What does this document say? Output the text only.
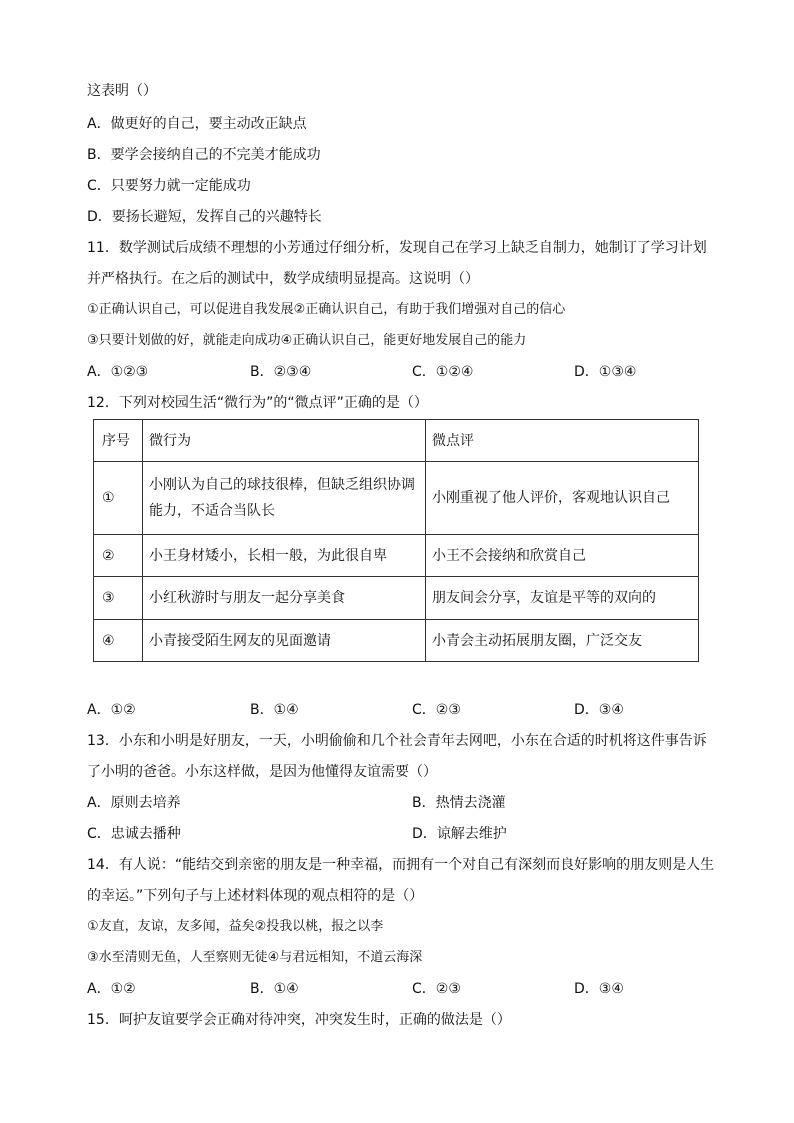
这表明（）
A．做更好的自己，要主动改正缺点
B．要学会接纳自己的不完美才能成功
C．只要努力就一定能成功
D．要扬长避短，发挥自己的兴趣特长
11．数学测试后成绩不理想的小芳通过仔细分析，发现自己在学习上缺乏自制力，她制订了学习计划
并严格执行。在之后的测试中，数学成绩明显提高。这说明（）
①正确认识自己，可以促进自我发展②正确认识自己，有助于我们增强对自己的信心
③只要计划做的好，就能走向成功④正确认识自己，能更好地发展自己的能力
A．①②③	B．②③④	C．①②④	D．①③④
12．下列对校园生活“微行为”的“微点评”正确的是（）
序号	微行为	微点评
①	小刚认为自己的球技很棒，但缺乏组织协调
能力，不适合当队长	小刚重视了他人评价，客观地认识自己
②	小王身材矮小，长相一般，为此很自卑	小王不会接纳和欣赏自己
③	小红秋游时与朋友一起分享美食	朋友间会分享，友谊是平等的双向的
④	小青接受陌生网友的见面邀请	小青会主动拓展朋友圈，广泛交友
A．①②	B．①④	C．②③	D．③④
13．小东和小明是好朋友，一天，小明偷偷和几个社会青年去网吧，小东在合适的时机将这件事告诉
了小明的爸爸。小东这样做，是因为他懂得友谊需要（）
A．原则去培养	B．热情去浇灌
C．忠诚去播种	D．谅解去维护
14．有人说：“能结交到亲密的朋友是一种幸福，而拥有一个对自己有深刻而良好影响的朋友则是人生
的幸运。”下列句子与上述材料体现的观点相符的是（）
①友直，友谅，友多闻，益矣②投我以桃，报之以李
③水至清则无鱼，人至察则无徒④与君远相知，不道云海深
A．①②	B．①④	C．②③	D．③④
15．呵护友谊要学会正确对待冲突，冲突发生时，正确的做法是（）
